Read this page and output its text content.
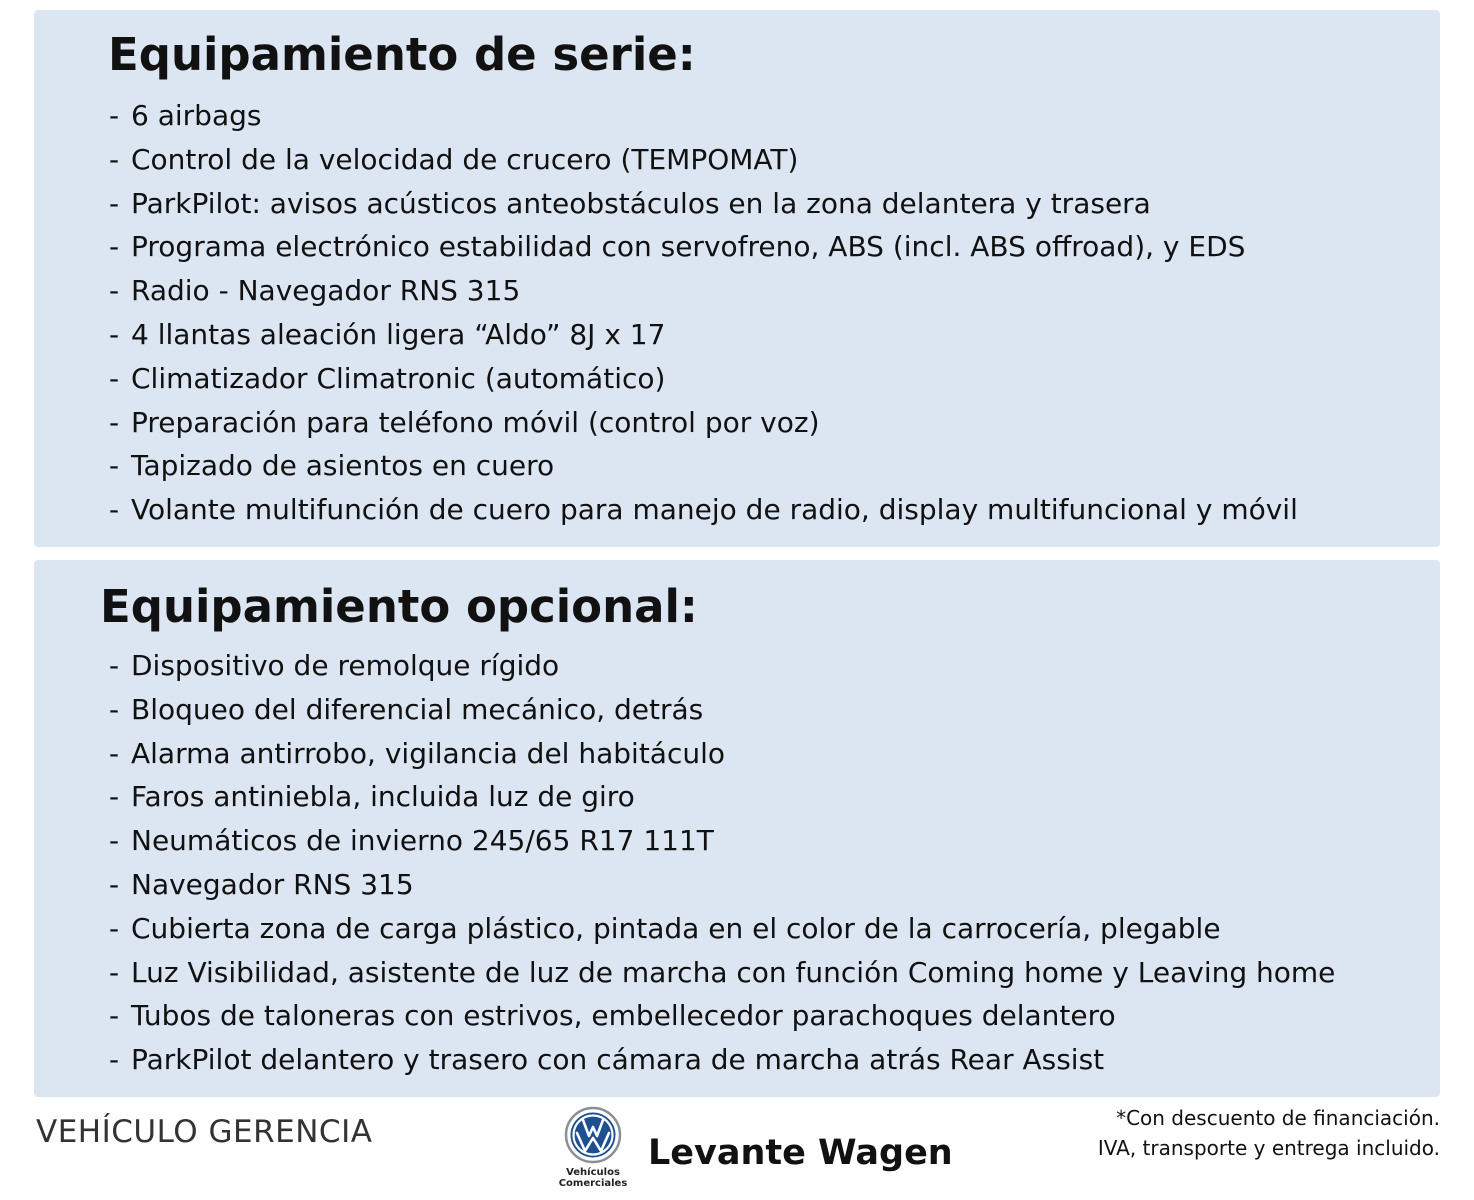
Equipamiento de serie:
- 6 airbags
- Control de la velocidad de crucero (TEMPOMAT)
- ParkPilot: avisos acústicos anteobstáculos en la zona delantera y trasera
- Programa electrónico estabilidad con servofreno, ABS (incl. ABS offroad), y EDS
- Radio - Navegador RNS 315
- 4 llantas aleación ligera “Aldo” 8J x 17
- Climatizador Climatronic (automático)
- Preparación para teléfono móvil (control por voz)
- Tapizado de asientos en cuero
- Volante multifunción de cuero para manejo de radio, display multifuncional y móvil
Equipamiento opcional:
- Dispositivo de remolque rígido
- Bloqueo del diferencial mecánico, detrás
- Alarma antirrobo, vigilancia del habitáculo
- Faros antiniebla, incluida luz de giro
- Neumáticos de invierno 245/65 R17 111T
- Navegador RNS 315
- Cubierta zona de carga plástico, pintada en el color de la carrocería, plegable
- Luz Visibilidad, asistente de luz de marcha con función Coming home y Leaving home
- Tubos de taloneras con estrivos, embellecedor parachoques delantero
- ParkPilot delantero y trasero con cámara de marcha atrás Rear Assist
VEHÍCULO GERENCIA
Vehículos
Comerciales
Levante Wagen
*Con descuento de financiación.
IVA, transporte y entrega incluido.
